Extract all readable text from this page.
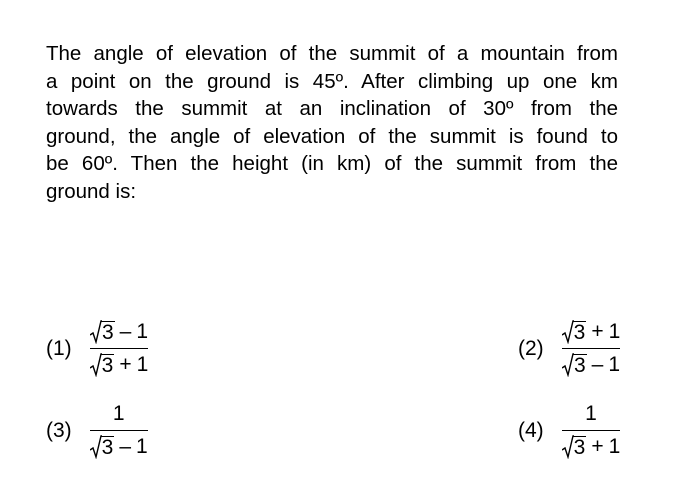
The angle of elevation of the summit of a mountain from
a point on the ground is 45º. After climbing up one km
towards the summit at an inclination of 30º from the
ground, the angle of elevation of the summit is found to
be 60º. Then the height (in km) of the summit from the
ground is:
$(1) \frac{3 - 1}{3 + 1}$	$(2) \frac{3 + 1}{3 - 1}$
$(3) \frac{1}{3 - 1}$	$(4) \frac{1}{3 + 1}$
